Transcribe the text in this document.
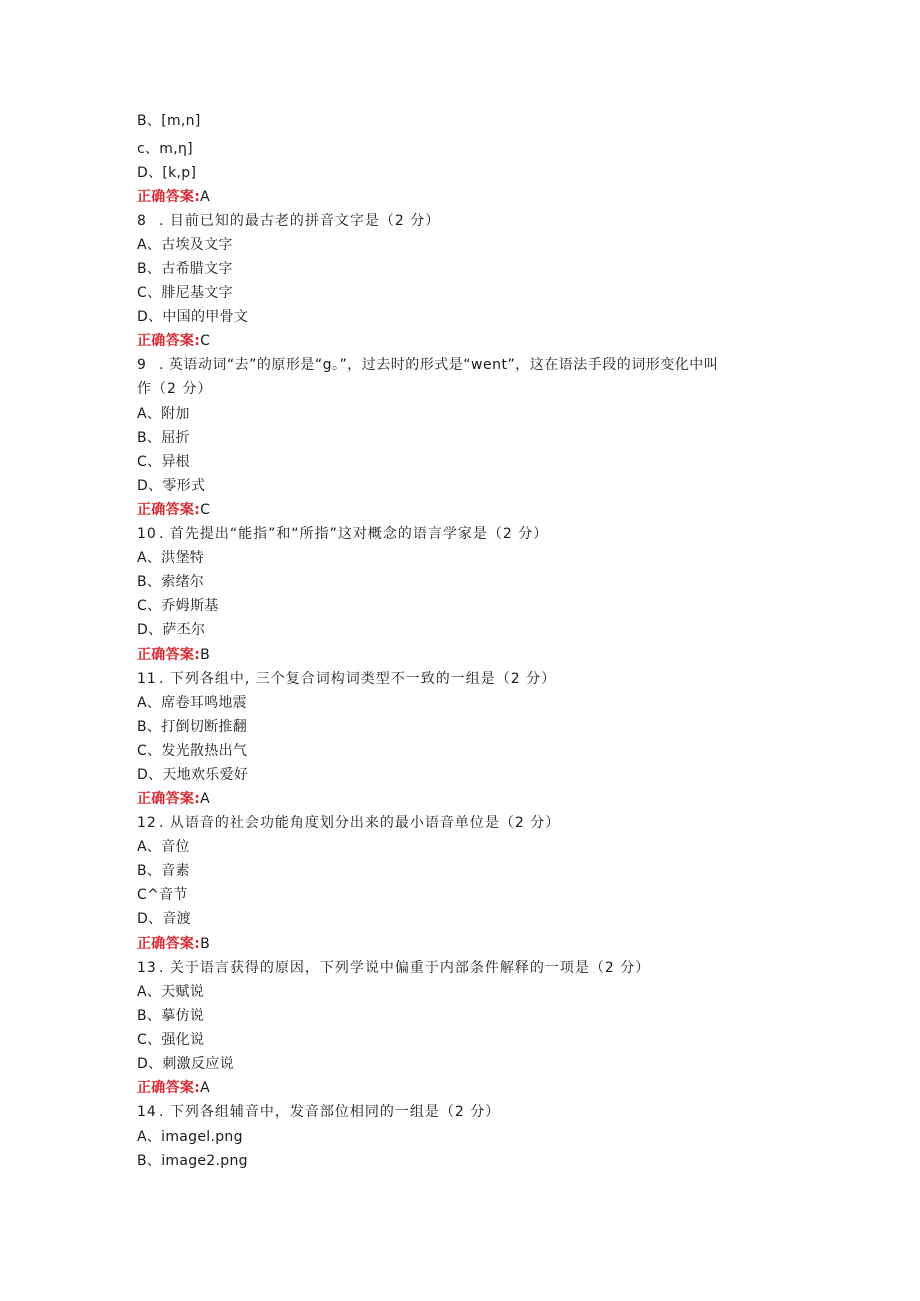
B、[m,n]
c、m,η]
D、[k,p]
正确答案:A
8 . 目前已知的最古老的拼音文字是（2 分）
A、古埃及文字
B、古希腊文字
C、腓尼基文字
D、中国的甲骨文
正确答案:C
9 . 英语动词“去”的原形是“g。”，过去时的形式是“went”，这在语法手段的词形变化中叫
作（2 分）
A、附加
B、屈折
C、异根
D、零形式
正确答案:C
10 . 首先提出“能指”和“所指”这对概念的语言学家是（2 分）
A、洪堡特
B、索绪尔
C、乔姆斯基
D、萨丕尔
正确答案:B
11 . 下列各组中, 三个复合词构词类型不一致的一组是（2 分）
A、席卷耳鸣地震
B、打倒切断推翻
C、发光散热出气
D、天地欢乐爱好
正确答案:A
12 . 从语音的社会功能角度划分出来的最小语音单位是（2 分）
A、音位
B、音素
C^音节
D、音渡
正确答案:B
13 . 关于语言获得的原因，下列学说中偏重于内部条件解释的一项是（2 分）
A、天赋说
B、摹仿说
C、强化说
D、刺激反应说
正确答案:A
14 . 下列各组辅音中，发音部位相同的一组是（2 分）
A、imagel.png
B、image2.png
